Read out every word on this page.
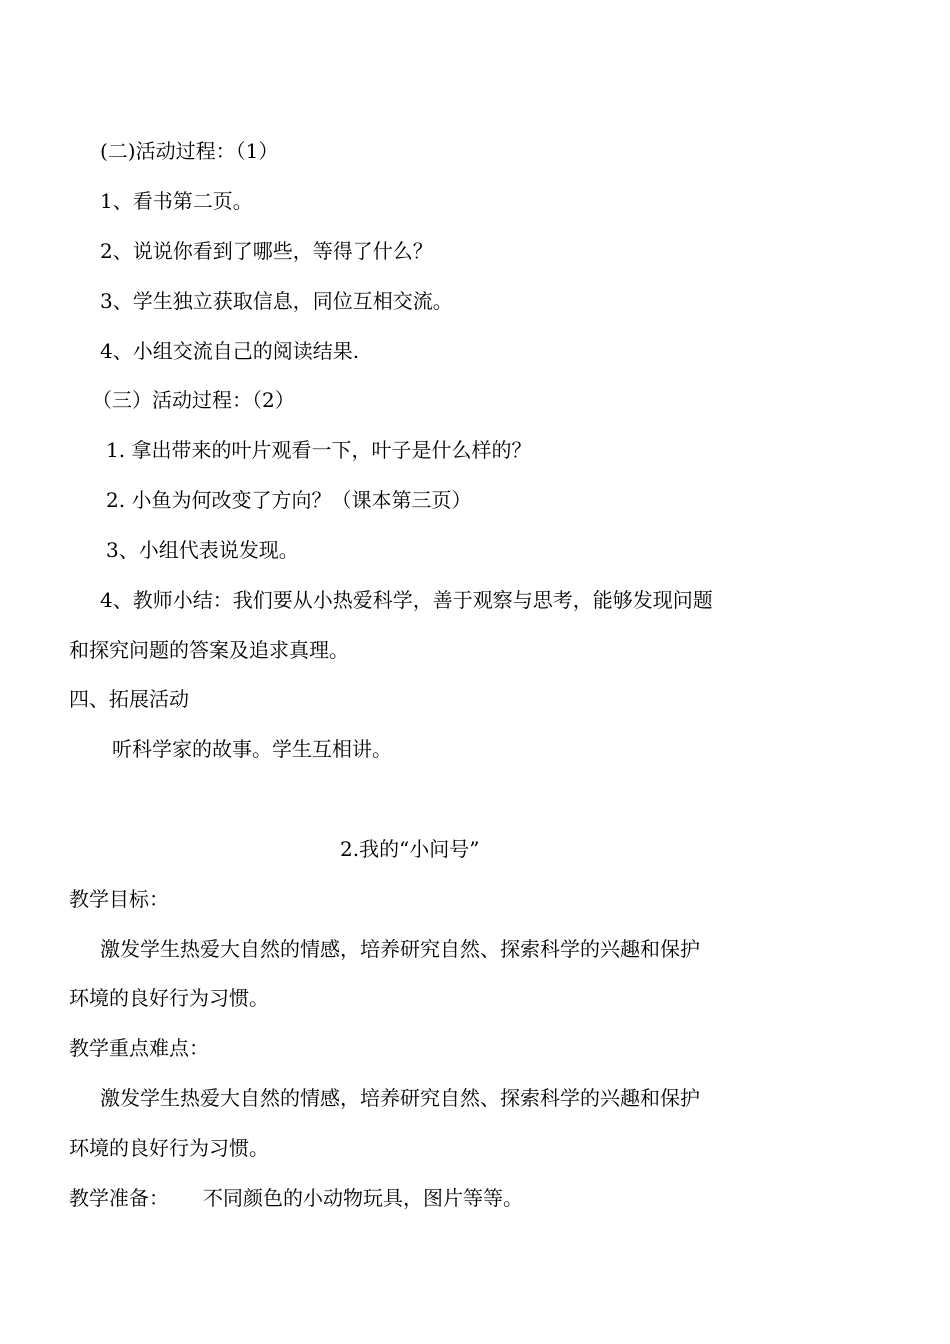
(二)活动过程：（1）
1、看书第二页。
2、说说你看到了哪些，等得了什么？
3、学生独立获取信息，同位互相交流。
4、小组交流自己的阅读结果.
（三）活动过程：（2）
1. 拿出带来的叶片观看一下，叶子是什么样的？
2. 小鱼为何改变了方向？（课本第三页）
3、小组代表说发现。
4、教师小结：我们要从小热爱科学，善于观察与思考，能够发现问题
和探究问题的答案及追求真理。
四、拓展活动
听科学家的故事。学生互相讲。
2.我的“小问号”
教学目标：
激发学生热爱大自然的情感，培养研究自然、探索科学的兴趣和保护
环境的良好行为习惯。
教学重点难点：
激发学生热爱大自然的情感，培养研究自然、探索科学的兴趣和保护
环境的良好行为习惯。
教学准备： 不同颜色的小动物玩具，图片等等。
